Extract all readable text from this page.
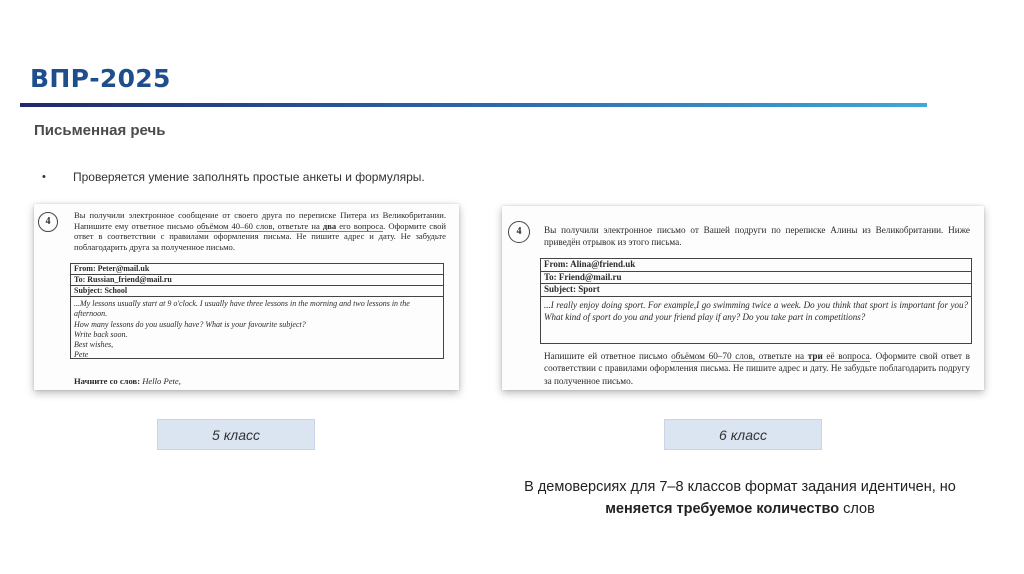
ВПР-2025
Письменная речь
• Проверяется умение заполнять простые анкеты и формуляры.
4
Вы получили электронное сообщение от своего друга по переписке Питера из Великобритании. Напишите ему ответное письмо объёмом 40–60 слов, ответьте на два его вопроса. Оформите свой ответ в соответствии с правилами оформления письма. Не пишите адрес и дату. Не забудьте поблагодарить друга за полученное письмо.
From: Peter@mail.uk
To: Russian_friend@mail.ru
Subject: School
...My lessons usually start at 9 o'clock. I usually have three lessons in the morning and two lessons in the afternoon.
How many lessons do you usually have? What is your favourite subject?
Write back soon.
Best wishes,
Pete
Начните со слов: Hello Pete,
4	Вы получили электронное письмо от Вашей подруги по переписке Алины из Великобритании. Ниже приведён отрывок из этого письма.
From: Alina@friend.uk
To: Friend@mail.ru
Subject: Sport
...I really enjoy doing sport. For example,I go swimming twice a week. Do you think that sport is important for you? What kind of sport do you and your friend play if any? Do you take part in competitions?
Напишите ей ответное письмо объёмом 60–70 слов, ответьте на три её вопроса. Оформите свой ответ в соответствии с правилами оформления письма. Не пишите адрес и дату. Не забудьте поблагодарить подругу за полученное письмо.
5 класс	6 класс
В демоверсиях для 7–8 классов формат задания идентичен, но меняется требуемое количество слов
